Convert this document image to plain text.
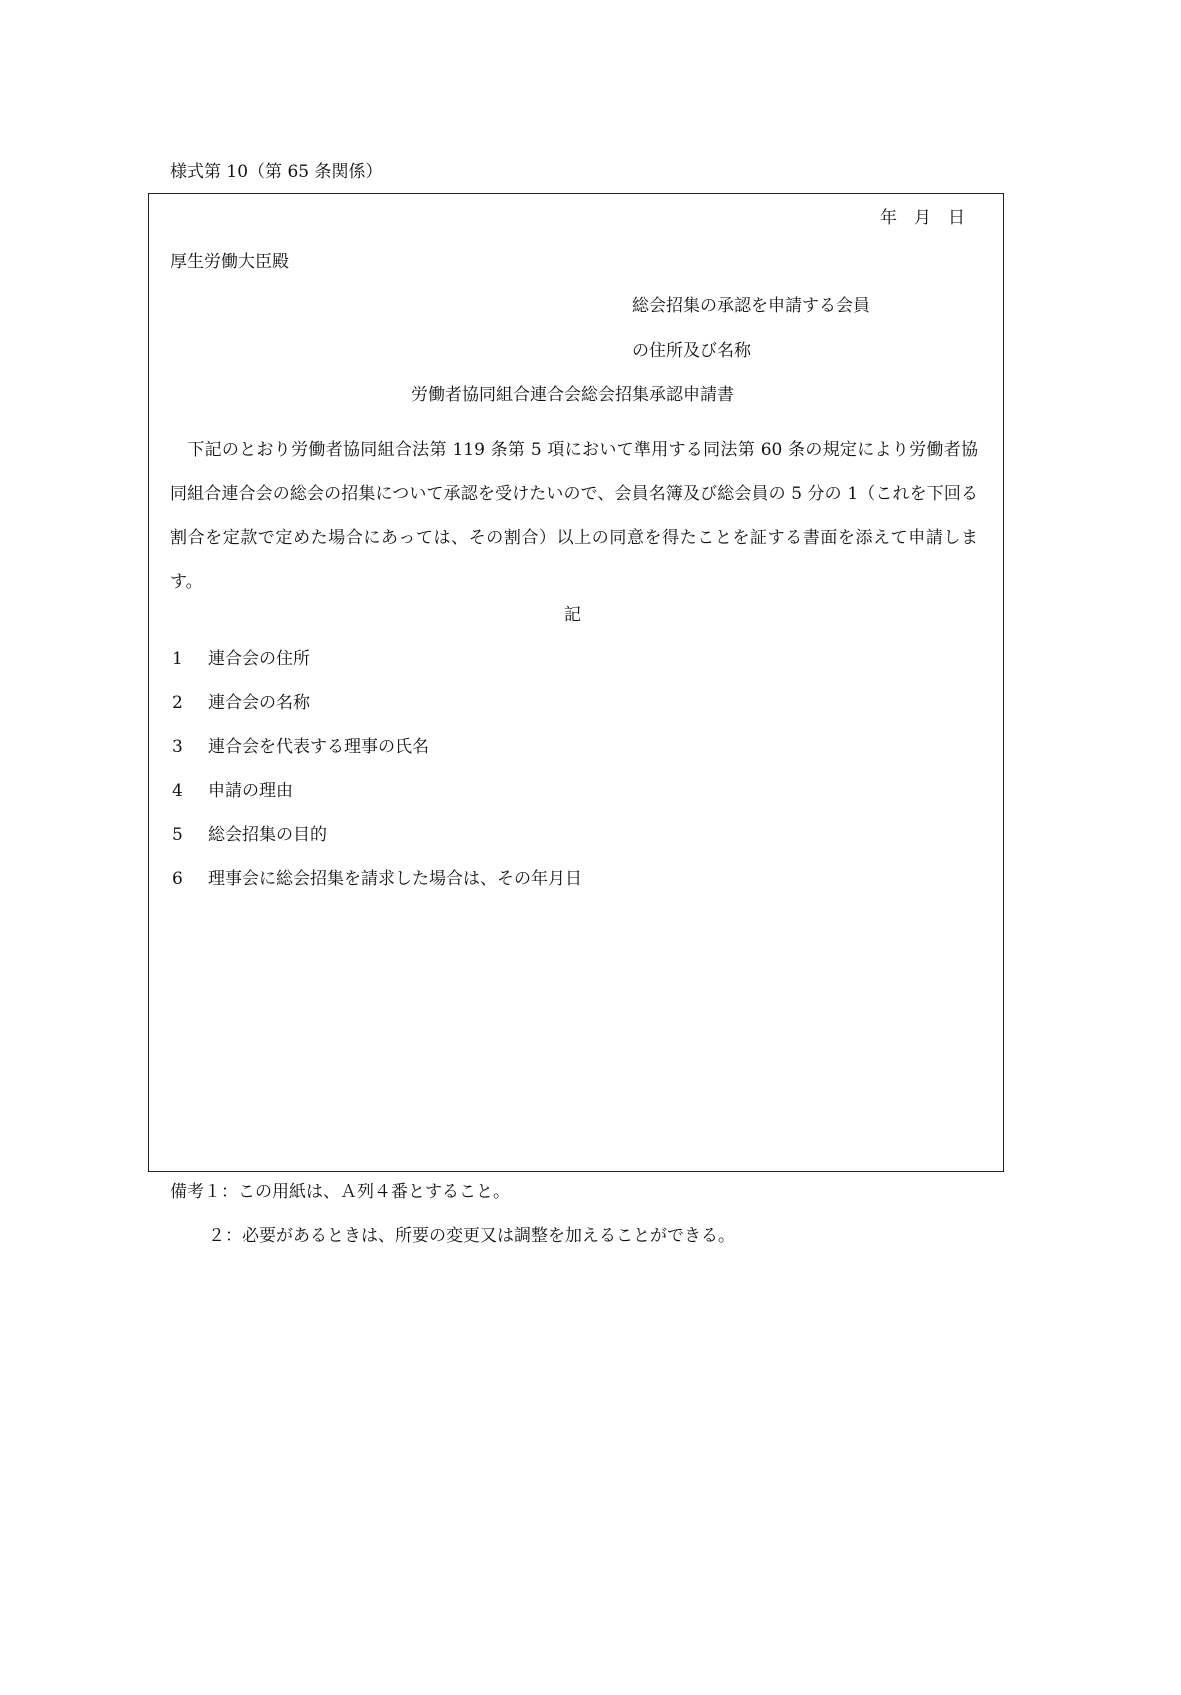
様式第 10（第 65 条関係）
年　月　日
厚生労働大臣殿
総会招集の承認を申請する会員
の住所及び名称
労働者協同組合連合会総会招集承認申請書
　下記のとおり労働者協同組合法第 119 条第 5 項において準用する同法第 60 条の規定により労働者協同組合連合会の総会の招集について承認を受けたいので、会員名簿及び総会員の 5 分の 1（これを下回る割合を定款で定めた場合にあっては、その割合）以上の同意を得たことを証する書面を添えて申請します。
記
1 連合会の住所
2 連合会の名称
3 連合会を代表する理事の氏名
4 申請の理由
5 総会招集の目的
6 理事会に総会招集を請求した場合は、その年月日
備考１：この用紙は、Ａ列４番とすること。
２：必要があるときは、所要の変更又は調整を加えることができる。
